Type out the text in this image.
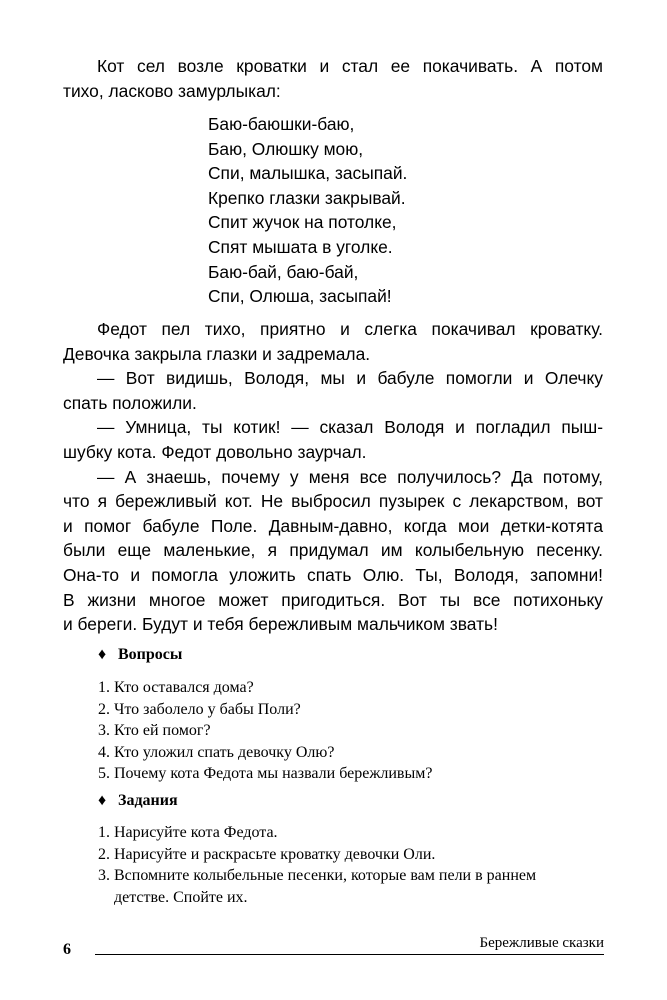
Кот сел возле кроватки и стал ее покачивать. А потом
тихо, ласково замурлыкал:
Баю-баюшки-баю,
Баю, Олюшку мою,
Спи, малышка, засыпай.
Крепко глазки закрывай.
Спит жучок на потолке,
Спят мышата в уголке.
Баю-бай, баю-бай,
Спи, Олюша, засыпай!
Федот пел тихо, приятно и слегка покачивал кроватку.
Девочка закрыла глазки и задремала.
— Вот видишь, Володя, мы и бабуле помогли и Олечку
спать положили.
— Умница, ты котик! — сказал Володя и погладил пыш-
шубку кота. Федот довольно заурчал.
— А знаешь, почему у меня все получилось? Да потому,
что я бережливый кот. Не выбросил пузырек с лекарством, вот
и помог бабуле Поле. Давным-давно, когда мои детки-котята
были еще маленькие, я придумал им колыбельную песенку.
Она-то и помогла уложить спать Олю. Ты, Володя, запомни!
В жизни многое может пригодиться. Вот ты все потихоньку
и береги. Будут и тебя бережливым мальчиком звать!
♦ Вопросы
1. Кто оставался дома?
2. Что заболело у бабы Поли?
3. Кто ей помог?
4. Кто уложил спать девочку Олю?
5. Почему кота Федота мы назвали бережливым?
♦ Задания
1. Нарисуйте кота Федота.
2. Нарисуйте и раскрасьте кроватку девочки Оли.
3. Вспомните колыбельные песенки, которые вам пели в раннем
детстве. Спойте их.
6	Бережливые сказки
